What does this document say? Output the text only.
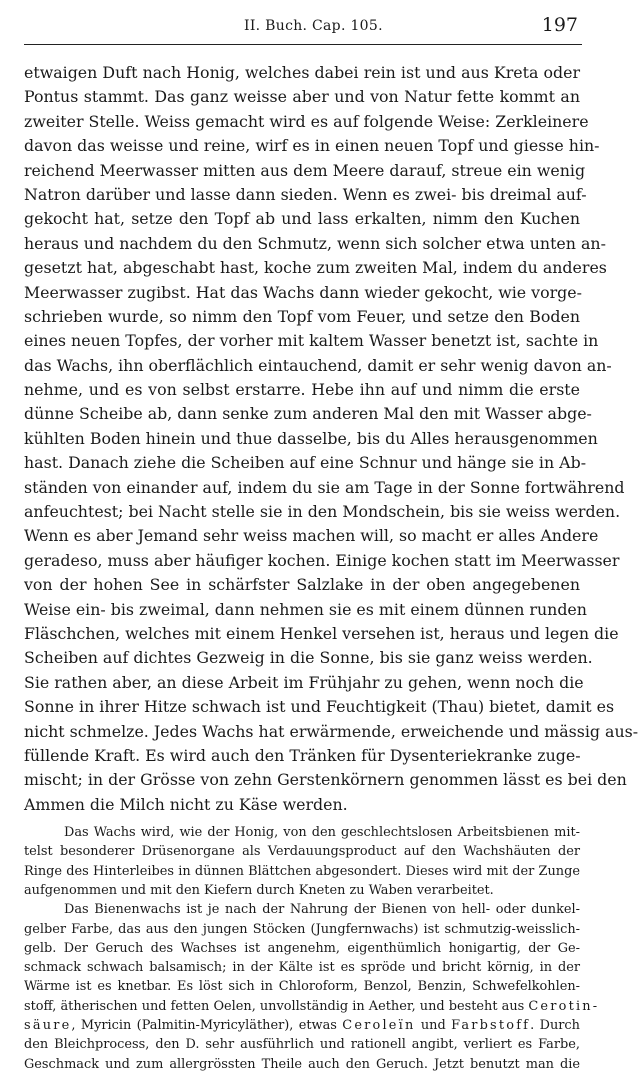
II. Buch. Cap. 105.	197
etwaigen Duft nach Honig, welches dabei rein ist und aus Kreta oder
Pontus stammt. Das ganz weisse aber und von Natur fette kommt an
zweiter Stelle. Weiss gemacht wird es auf folgende Weise: Zerkleinere
davon das weisse und reine, wirf es in einen neuen Topf und giesse hin-
reichend Meerwasser mitten aus dem Meere darauf, streue ein wenig
Natron darüber und lasse dann sieden. Wenn es zwei- bis dreimal auf-
gekocht hat, setze den Topf ab und lass erkalten, nimm den Kuchen
heraus und nachdem du den Schmutz, wenn sich solcher etwa unten an-
gesetzt hat, abgeschabt hast, koche zum zweiten Mal, indem du anderes
Meerwasser zugibst. Hat das Wachs dann wieder gekocht, wie vorge-
schrieben wurde, so nimm den Topf vom Feuer, und setze den Boden
eines neuen Topfes, der vorher mit kaltem Wasser benetzt ist, sachte in
das Wachs, ihn oberflächlich eintauchend, damit er sehr wenig davon an-
nehme, und es von selbst erstarre. Hebe ihn auf und nimm die erste
dünne Scheibe ab, dann senke zum anderen Mal den mit Wasser abge-
kühlten Boden hinein und thue dasselbe, bis du Alles herausgenommen
hast. Danach ziehe die Scheiben auf eine Schnur und hänge sie in Ab-
ständen von einander auf, indem du sie am Tage in der Sonne fortwährend
anfeuchtest; bei Nacht stelle sie in den Mondschein, bis sie weiss werden.
Wenn es aber Jemand sehr weiss machen will, so macht er alles Andere
geradeso, muss aber häufiger kochen. Einige kochen statt im Meerwasser
von der hohen See in schärfster Salzlake in der oben angegebenen
Weise ein- bis zweimal, dann nehmen sie es mit einem dünnen runden
Fläschchen, welches mit einem Henkel versehen ist, heraus und legen die
Scheiben auf dichtes Gezweig in die Sonne, bis sie ganz weiss werden.
Sie rathen aber, an diese Arbeit im Frühjahr zu gehen, wenn noch die
Sonne in ihrer Hitze schwach ist und Feuchtigkeit (Thau) bietet, damit es
nicht schmelze. Jedes Wachs hat erwärmende, erweichende und mässig aus-
füllende Kraft. Es wird auch den Tränken für Dysenteriekranke zuge-
mischt; in der Grösse von zehn Gerstenkörnern genommen lässt es bei den
Ammen die Milch nicht zu Käse werden.
Das Wachs wird, wie der Honig, von den geschlechtslosen Arbeitsbienen mit-
telst besonderer Drüsenorgane als Verdauungsproduct auf den Wachshäuten der
Ringe des Hinterleibes in dünnen Blättchen abgesondert. Dieses wird mit der Zunge
aufgenommen und mit den Kiefern durch Kneten zu Waben verarbeitet.
Das Bienenwachs ist je nach der Nahrung der Bienen von hell- oder dunkel-
gelber Farbe, das aus den jungen Stöcken (Jungfernwachs) ist schmutzig-weisslich-
gelb. Der Geruch des Wachses ist angenehm, eigenthümlich honigartig, der Ge-
schmack schwach balsamisch; in der Kälte ist es spröde und bricht körnig, in der
Wärme ist es knetbar. Es löst sich in Chloroform, Benzol, Benzin, Schwefelkohlen-
stoff, ätherischen und fetten Oelen, unvollständig in Aether, und besteht aus Cerotin-
säure, Myricin (Palmitin-Myricyläther), etwas Ceroleïn und Farbstoff. Durch
den Bleichprocess, den D. sehr ausführlich und rationell angibt, verliert es Farbe,
Geschmack und zum allergrössten Theile auch den Geruch. Jetzt benutzt man die
